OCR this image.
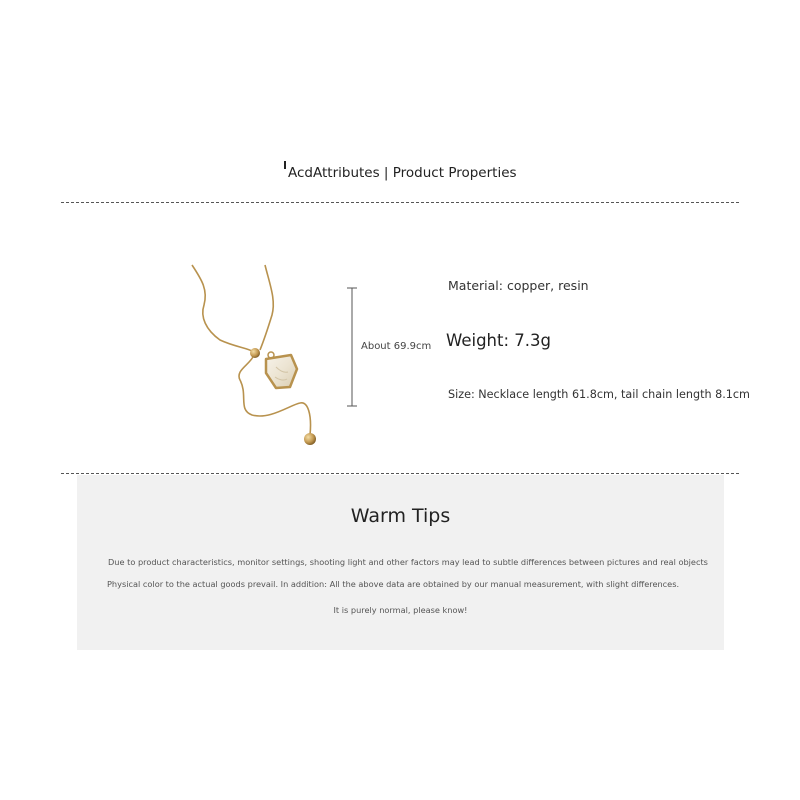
AcdAttributes | Product Properties
About 69.9cm
Material: copper, resin
Weight: 7.3g
Size: Necklace length 61.8cm, tail chain length 8.1cm
Warm Tips
Due to product characteristics, monitor settings, shooting light and other factors may lead to subtle differences between pictures and real objects
Physical color to the actual goods prevail. In addition: All the above data are obtained by our manual measurement, with slight differences.
It is purely normal, please know!
